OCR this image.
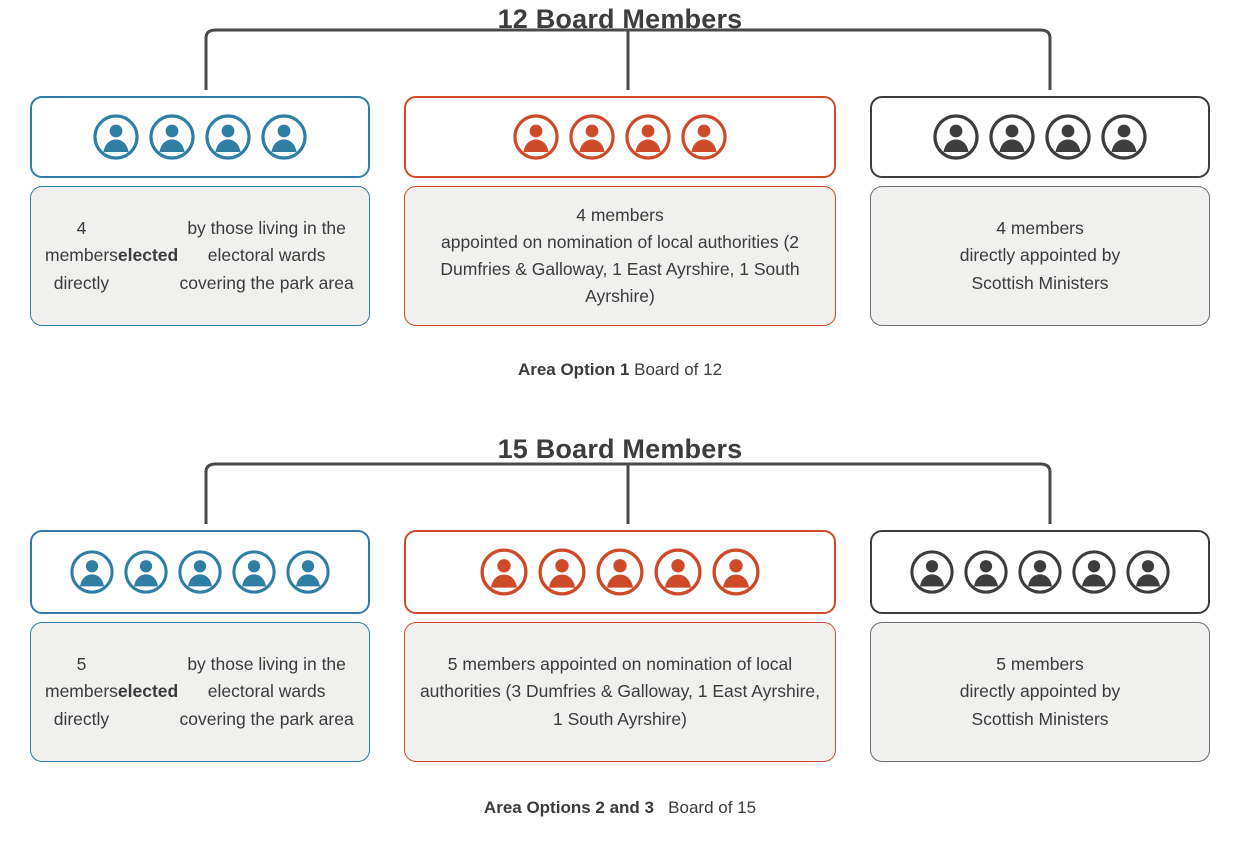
12 Board Members
4 members directly
elected
by those living in the electoral wards covering the park area
4 members
appointed on nomination of local authorities (2 Dumfries & Galloway, 1 East Ayrshire, 1 South Ayrshire)
4 members
directly appointed by
Scottish Ministers
Area Option 1 Board of 12
15 Board Members
5 members directly
elected
by those living in the electoral wards covering the park area
5 members appointed on nomination of local authorities (3 Dumfries & Galloway, 1 East Ayrshire, 1 South Ayrshire)
5 members
directly appointed by
Scottish Ministers
Area Options 2 and 3 Board of 15
